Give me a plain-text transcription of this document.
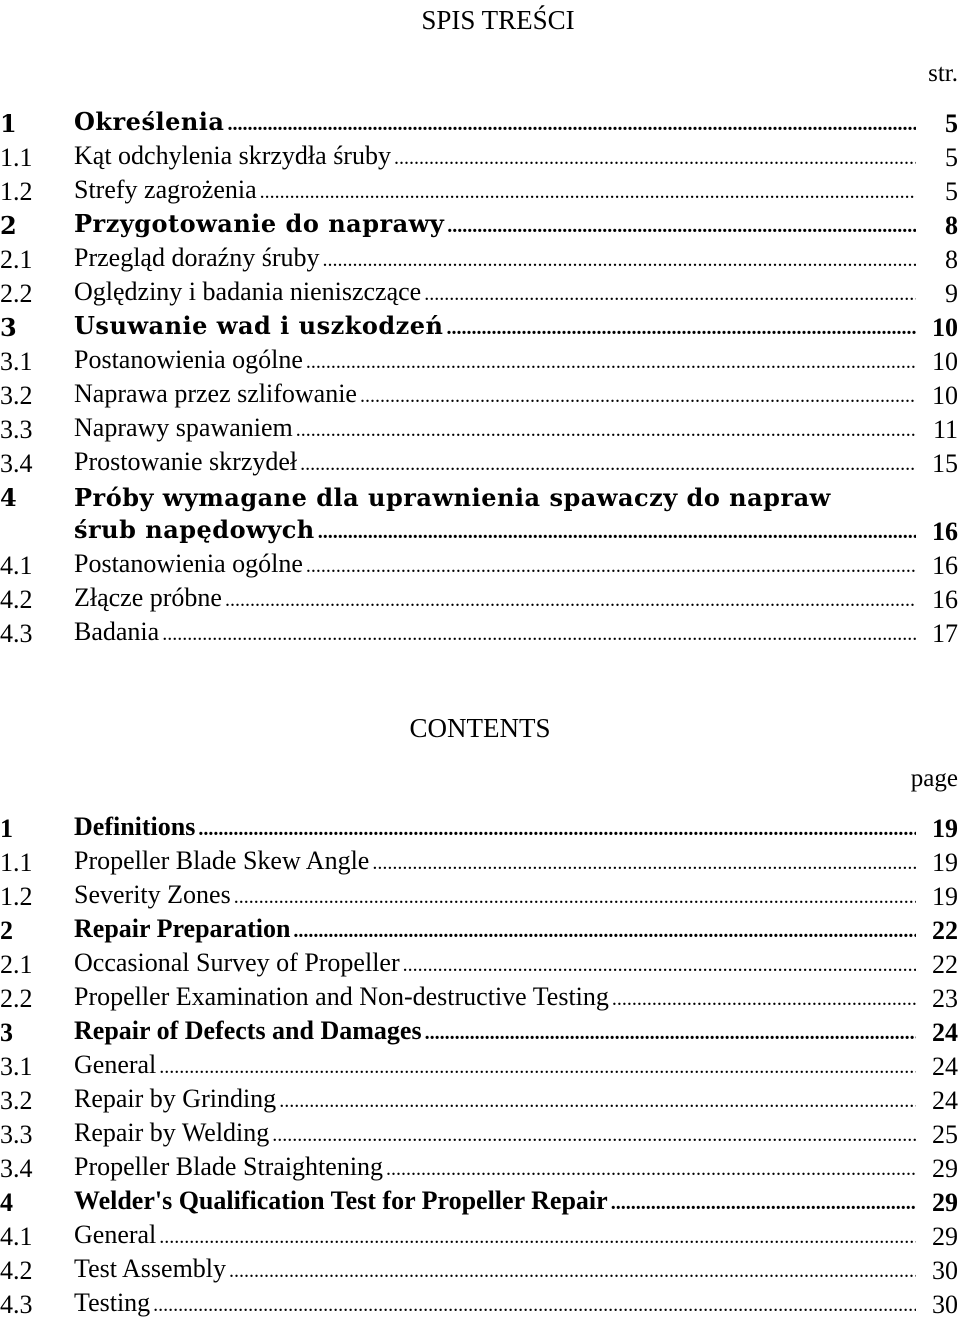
SPIS TREŚCI
str.
1	Określenia .....	5
1.1	Kąt odchylenia skrzydła śruby .....	5
1.2	Strefy zagrożenia .....	5
2	Przygotowanie do naprawy .....	8
2.1	Przegląd doraźny śruby .....	8
2.2	Oględziny i badania nieniszczące .....	9
3	Usuwanie wad i uszkodzeń .....	10
3.1	Postanowienia ogólne .....	10
3.2	Naprawa przez szlifowanie .....	10
3.3	Naprawy spawaniem .....	11
3.4	Prostowanie skrzydeł .....	15
4	Próby wymagane dla uprawnienia spawaczy do napraw
śrub napędowych .....	16
4.1	Postanowienia ogólne .....	16
4.2	Złącze próbne .....	16
4.3	Badania .....	17
CONTENTS
page
1	Definitions .....	19
1.1	Propeller Blade Skew Angle .....	19
1.2	Severity Zones .....	19
2	Repair Preparation .....	22
2.1	Occasional Survey of Propeller .....	22
2.2	Propeller Examination and Non-destructive Testing .....	23
3	Repair of Defects and Damages .....	24
3.1	General .....	24
3.2	Repair by Grinding .....	24
3.3	Repair by Welding .....	25
3.4	Propeller Blade Straightening .....	29
4	Welder's Qualification Test for Propeller Repair .....	29
4.1	General .....	29
4.2	Test Assembly .....	30
4.3	Testing .....	30
